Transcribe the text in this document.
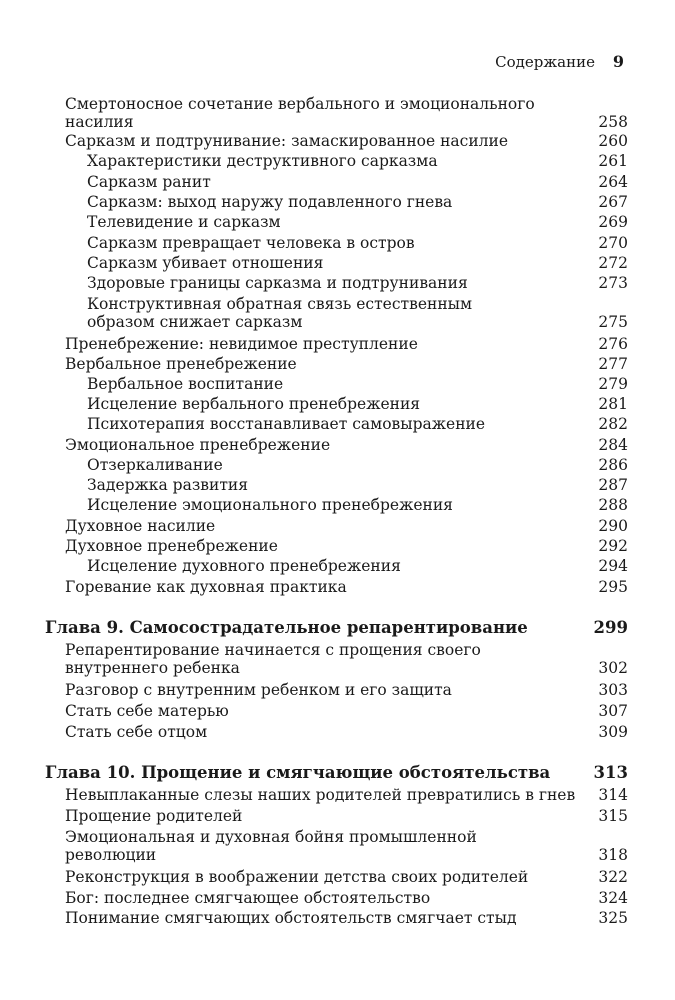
Содержание 9
Смертоносное сочетание вербального и эмоционального
насилия	258
Сарказм и подтрунивание: замаскированное насилие	260
Характеристики деструктивного сарказма	261
Сарказм ранит	264
Сарказм: выход наружу подавленного гнева	267
Телевидение и сарказм	269
Сарказм превращает человека в остров	270
Сарказм убивает отношения	272
Здоровые границы сарказма и подтрунивания	273
Конструктивная обратная связь естественным
образом снижает сарказм	275
Пренебрежение: невидимое преступление	276
Вербальное пренебрежение	277
Вербальное воспитание	279
Исцеление вербального пренебрежения	281
Психотерапия восстанавливает самовыражение	282
Эмоциональное пренебрежение	284
Отзеркаливание	286
Задержка развития	287
Исцеление эмоционального пренебрежения	288
Духовное насилие	290
Духовное пренебрежение	292
Исцеление духовного пренебрежения	294
Горевание как духовная практика	295
Глава 9. Самосострадательное репарентирование	299
Репарентирование начинается с прощения своего
внутреннего ребенка	302
Разговор с внутренним ребенком и его защита	303
Стать себе матерью	307
Стать себе отцом	309
Глава 10. Прощение и смягчающие обстоятельства	313
Невыплаканные слезы наших родителей превратились в гнев 314
Прощение родителей	315
Эмоциональная и духовная бойня промышленной
революции	318
Реконструкция в воображении детства своих родителей	322
Бог: последнее смягчающее обстоятельство	324
Понимание смягчающих обстоятельств смягчает стыд	325
